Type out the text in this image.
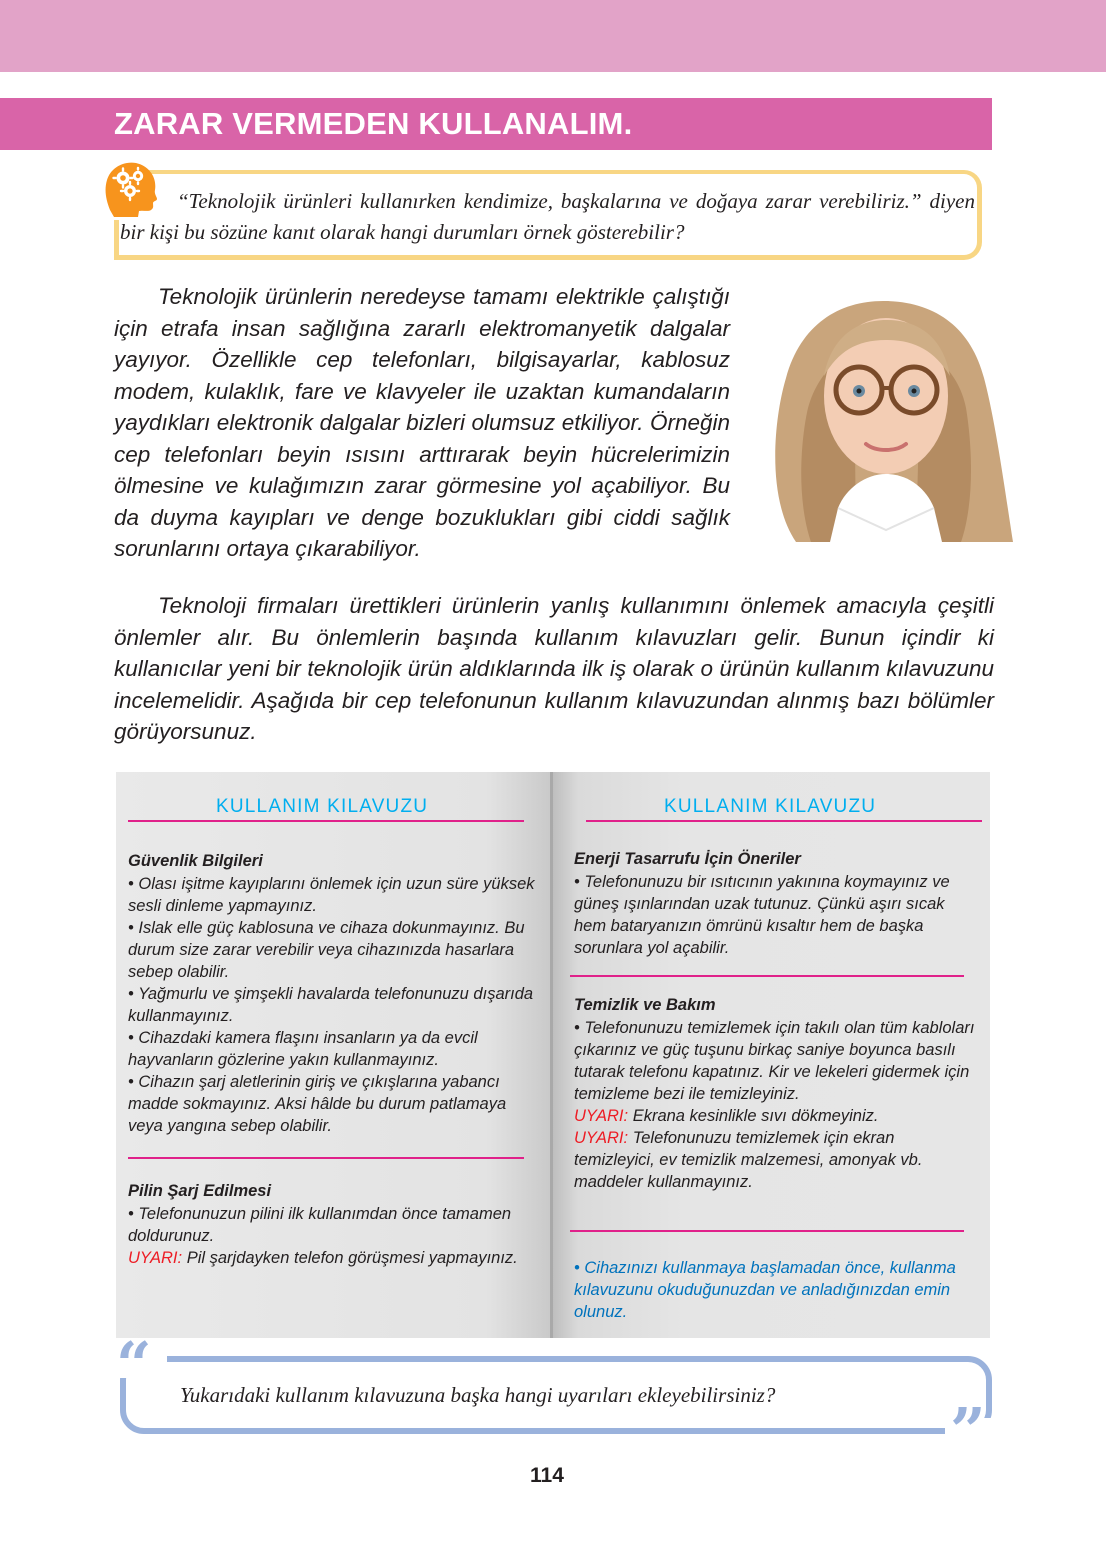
ZARAR VERMEDEN KULLANALIM.
“Teknolojik ürünleri kullanırken kendimize, başkalarına ve doğaya zarar verebiliriz.” diyen bir kişi bu sözüne kanıt olarak hangi durumları örnek gösterebilir?
Teknolojik ürünlerin neredeyse tamamı elektrikle çalıştığı için etrafa insan sağlığına zararlı elektromanyetik dalgalar yayıyor. Özellikle cep telefonları, bilgisayarlar, kablosuz modem, kulaklık, fare ve klavyeler ile uzaktan kumandaların yaydıkları elektronik dalgalar bizleri olumsuz etkiliyor. Örneğin cep telefonları beyin ısısını arttırarak beyin hücrelerimizin ölmesine ve kulağımızın zarar görmesine yol açabiliyor. Bu da duyma kayıpları ve denge bozuklukları gibi ciddi sağlık sorunlarını ortaya çıkarabiliyor.
Teknoloji firmaları ürettikleri ürünlerin yanlış kullanımını önlemek amacıyla çeşitli önlemler alır. Bu önlemlerin başında kullanım kılavuzları gelir. Bunun içindir ki kullanıcılar yeni bir teknolojik ürün aldıklarında ilk iş olarak o ürünün kullanım kılavuzunu incelemelidir. Aşağıda bir cep telefonunun kullanım kılavuzundan alınmış bazı bölümler görüyorsunuz.
KULLANIM KILAVUZU
Güvenlik Bilgileri
• Olası işitme kayıplarını önlemek için uzun süre yüksek sesli dinleme yapmayınız.
• Islak elle güç kablosuna ve cihaza dokunmayınız. Bu durum size zarar verebilir veya cihazınızda hasarlara sebep olabilir.
• Yağmurlu ve şimşekli havalarda telefonunuzu dışarıda kullanmayınız.
• Cihazdaki kamera flaşını insanların ya da evcil hayvanların gözlerine yakın kullanmayınız.
• Cihazın şarj aletlerinin giriş ve çıkışlarına yabancı madde sokmayınız. Aksi hâlde bu durum patlamaya veya yangına sebep olabilir.
Pilin Şarj Edilmesi
• Telefonunuzun pilini ilk kullanımdan önce tamamen doldurunuz.
UYARI: Pil şarjdayken telefon görüşmesi yapmayınız.
KULLANIM KILAVUZU
Enerji Tasarrufu İçin Öneriler
• Telefonunuzu bir ısıtıcının yakınına koymayınız ve güneş ışınlarından uzak tutunuz. Çünkü aşırı sıcak hem bataryanızın ömrünü kısaltır hem de başka sorunlara yol açabilir.
Temizlik ve Bakım
• Telefonunuzu temizlemek için takılı olan tüm kabloları çıkarınız ve güç tuşunu birkaç saniye boyunca basılı tutarak telefonu kapatınız. Kir ve lekeleri gidermek için temizleme bezi ile temizleyiniz.
UYARI: Ekrana kesinlikle sıvı dökmeyiniz.
UYARI: Telefonunuzu temizlemek için ekran temizleyici, ev temizlik malzemesi, amonyak vb. maddeler kullanmayınız.
• Cihazınızı kullanmaya başlamadan önce, kullanma kılavuzunu okuduğunuzdan ve anladığınızdan emin olunuz.
“
”
Yukarıdaki kullanım kılavuzuna başka hangi uyarıları ekleyebilirsiniz?
114
